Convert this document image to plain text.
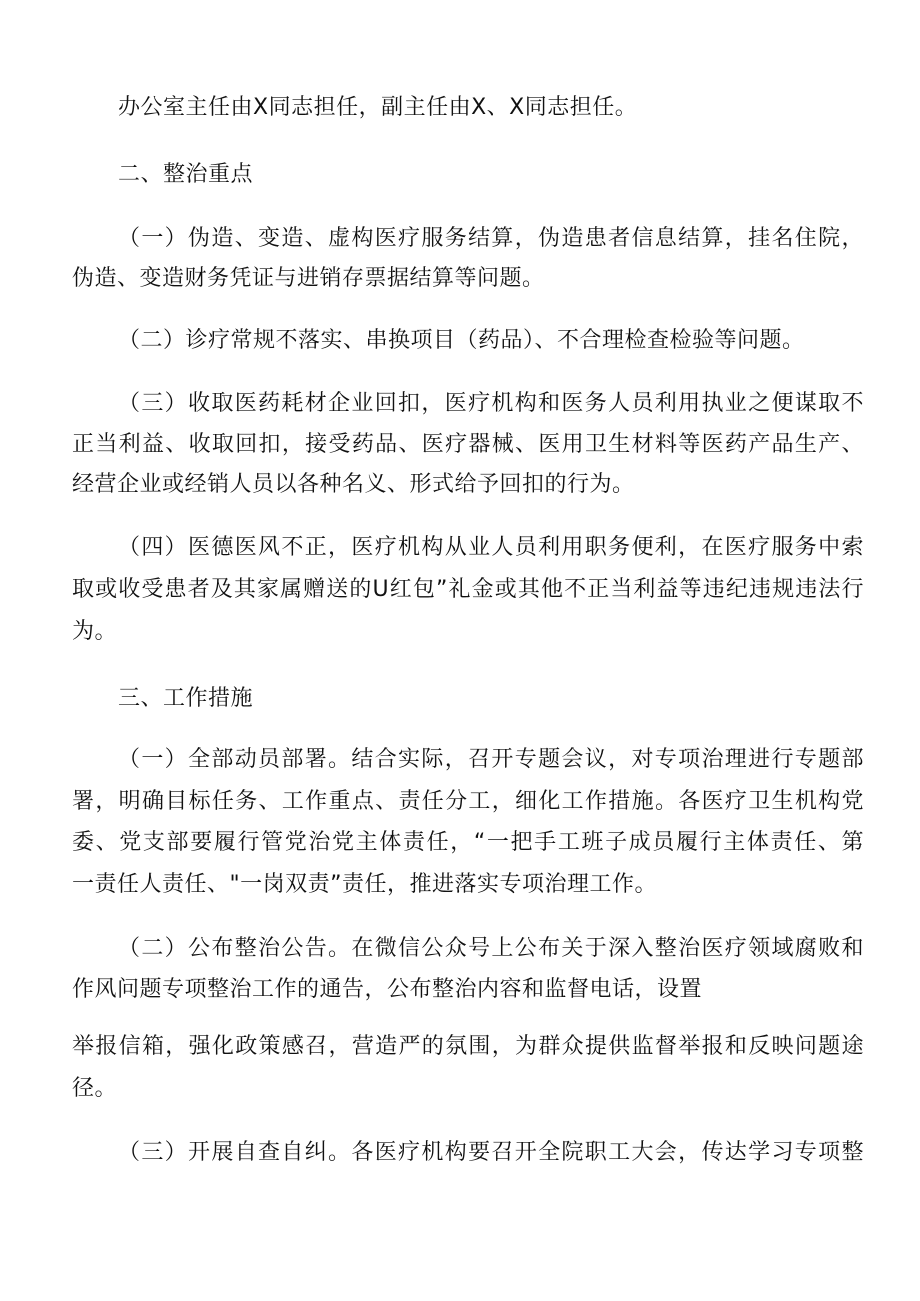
办公室主任由X同志担任，副主任由X、X同志担任。
二、整治重点
（一）伪造、变造、虚构医疗服务结算，伪造患者信息结算，挂名住院，
伪造、变造财务凭证与进销存票据结算等问题。
（二）诊疗常规不落实、串换项目（药品）、不合理检查检验等问题。
（三）收取医药耗材企业回扣，医疗机构和医务人员利用执业之便谋取不
正当利益、收取回扣，接受药品、医疗器械、医用卫生材料等医药产品生产、
经营企业或经销人员以各种名义、形式给予回扣的行为。
（四）医德医风不正，医疗机构从业人员利用职务便利，在医疗服务中索
取或收受患者及其家属赠送的U红包”礼金或其他不正当利益等违纪违规违法行
为。
三、工作措施
（一）全部动员部署。结合实际，召开专题会议，对专项治理进行专题部
署，明确目标任务、工作重点、责任分工，细化工作措施。各医疗卫生机构党
委、党支部要履行管党治党主体责任，“一把手工班子成员履行主体责任、第
一责任人责任、"一岗双责”责任，推进落实专项治理工作。
（二）公布整治公告。在微信公众号上公布关于深入整治医疗领域腐败和
作风问题专项整治工作的通告，公布整治内容和监督电话，设置
举报信箱，强化政策感召，营造严的氛围，为群众提供监督举报和反映问题途
径。
（三）开展自查自纠。各医疗机构要召开全院职工大会，传达学习专项整
